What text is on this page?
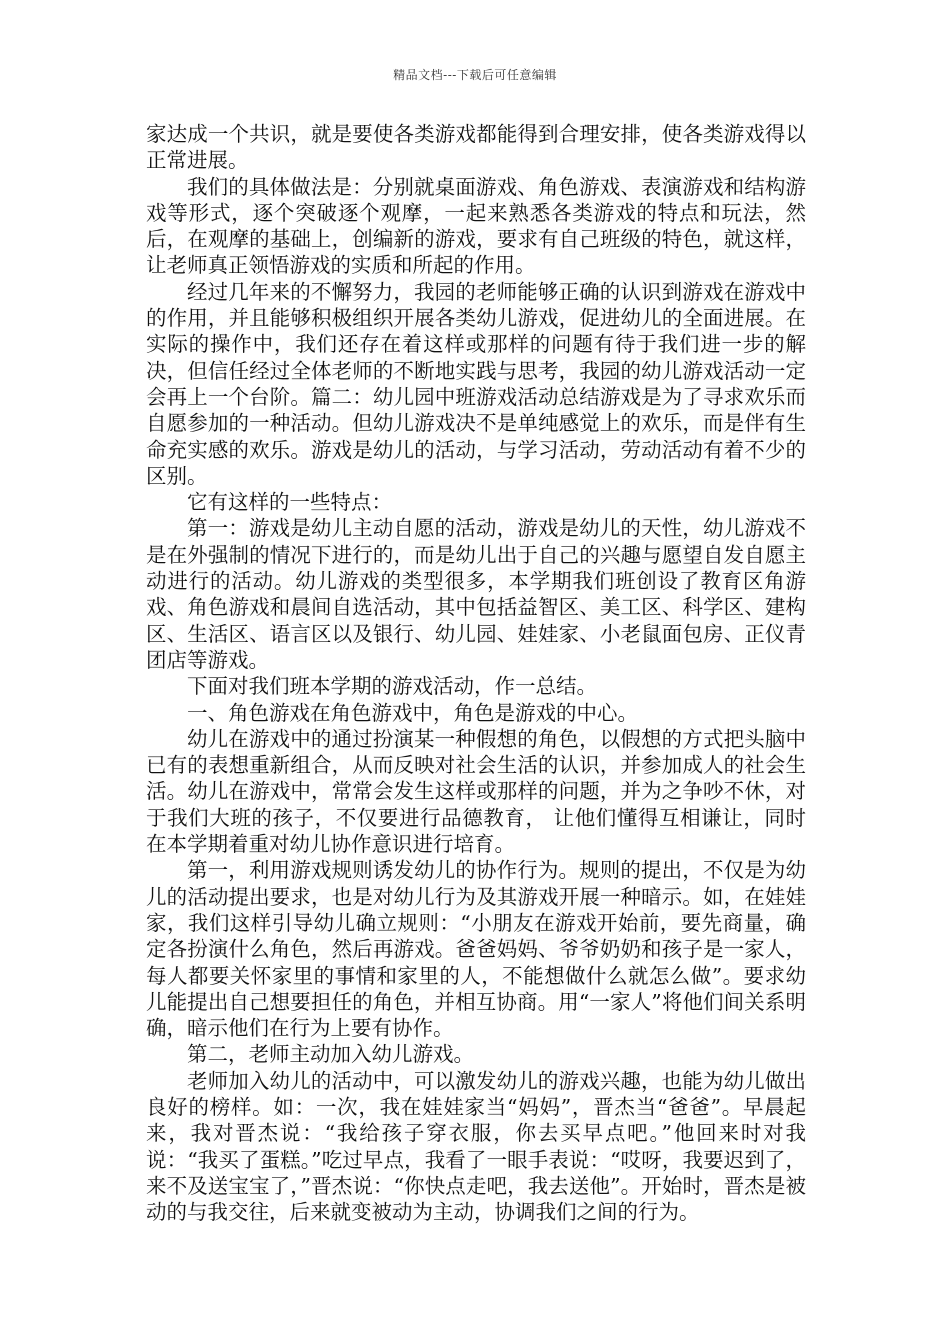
精品文档---下载后可任意编辑

家达成一个共识，就是要使各类游戏都能得到合理安排，使各类游戏得以正常进展。

我们的具体做法是：分别就桌面游戏、角色游戏、表演游戏和结构游戏等形式，逐个突破逐个观摩，一起来熟悉各类游戏的特点和玩法，然后，在观摩的基础上，创编新的游戏，要求有自己班级的特色，就这样，让老师真正领悟游戏的实质和所起的作用。

经过几年来的不懈努力，我园的老师能够正确的认识到游戏在游戏中的作用，并且能够积极组织开展各类幼儿游戏，促进幼儿的全面进展。在实际的操作中，我们还存在着这样或那样的问题有待于我们进一步的解决，但信任经过全体老师的不断地实践与思考，我园的幼儿游戏活动一定会再上一个台阶。篇二：幼儿园中班游戏活动总结游戏是为了寻求欢乐而自愿参加的一种活动。但幼儿游戏决不是单纯感觉上的欢乐，而是伴有生命充实感的欢乐。游戏是幼儿的活动，与学习活动，劳动活动有着不少的区别。

它有这样的一些特点：

第一：游戏是幼儿主动自愿的活动，游戏是幼儿的天性，幼儿游戏不是在外强制的情况下进行的，而是幼儿出于自己的兴趣与愿望自发自愿主动进行的活动。幼儿游戏的类型很多，本学期我们班创设了教育区角游戏、角色游戏和晨间自选活动，其中包括益智区、美工区、科学区、建构区、生活区、语言区以及银行、幼儿园、娃娃家、小老鼠面包房、正仪青团店等游戏。

下面对我们班本学期的游戏活动，作一总结。

一、角色游戏在角色游戏中，角色是游戏的中心。

幼儿在游戏中的通过扮演某一种假想的角色，以假想的方式把头脑中已有的表想重新组合，从而反映对社会生活的认识，并参加成人的社会生活。幼儿在游戏中，常常会发生这样或那样的问题，并为之争吵不休，对于我们大班的孩子，不仅要进行品德教育， 让他们懂得互相谦让，同时在本学期着重对幼儿协作意识进行培育。

第一，利用游戏规则诱发幼儿的协作行为。规则的提出，不仅是为幼儿的活动提出要求，也是对幼儿行为及其游戏开展一种暗示。如，在娃娃家，我们这样引导幼儿确立规则：“小朋友在游戏开始前，要先商量，确定各扮演什么角色，然后再游戏。爸爸妈妈、爷爷奶奶和孩子是一家人，每人都要关怀家里的事情和家里的人，不能想做什么就怎么做”。要求幼儿能提出自己想要担任的角色，并相互协商。用“一家人”将他们间关系明确，暗示他们在行为上要有协作。

第二，老师主动加入幼儿游戏。

老师加入幼儿的活动中，可以激发幼儿的游戏兴趣，也能为幼儿做出良好的榜样。如：一次，我在娃娃家当“妈妈”，晋杰当“爸爸”。早晨起来，我对晋杰说：“我给孩子穿衣服，你去买早点吧。”他回来时对我说：“我买了蛋糕。”吃过早点，我看了一眼手表说：“哎呀，我要迟到了，来不及送宝宝了，”晋杰说：“你快点走吧，我去送他”。开始时，晋杰是被动的与我交往，后来就变被动为主动，协调我们之间的行为。
